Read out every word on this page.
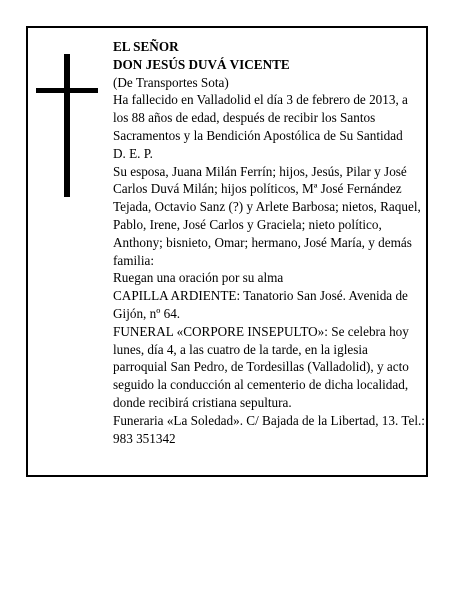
EL SEÑOR

DON JESÚS DUVÁ VICENTE

(De Transportes Sota)

Ha fallecido en Valladolid el día 3 de febrero de 2013, a los 88 años de edad, después de recibir los Santos Sacramentos y la Bendición Apostólica de Su Santidad

D. E. P.

Su esposa, Juana Milán Ferrín; hijos, Jesús, Pilar y José Carlos Duvá Milán; hijos políticos, Mª José Fernández Tejada, Octavio Sanz (?) y Arlete Barbosa; nietos, Raquel, Pablo, Irene, José Carlos y Graciela; nieto político, Anthony; bisnieto, Omar; hermano, José María, y demás familia:

Ruegan una oración por su alma

CAPILLA ARDIENTE: Tanatorio San José. Avenida de Gijón, nº 64.

FUNERAL «CORPORE INSEPULTO»: Se celebra hoy lunes, día 4, a las cuatro de la tarde, en la iglesia parroquial San Pedro, de Tordesillas (Valladolid), y acto seguido la conducción al cementerio de dicha localidad, donde recibirá cristiana sepultura.

Funeraria «La Soledad». C/ Bajada de la Libertad, 13. Tel.: 983 351342
